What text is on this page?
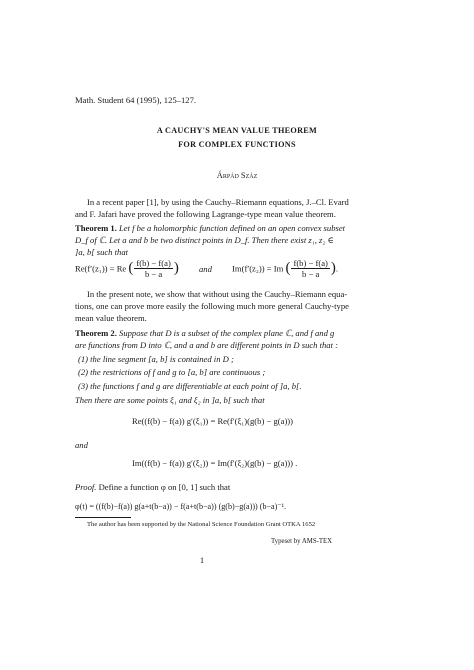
Math. Student 64 (1995), 125–127.
A CAUCHY'S MEAN VALUE THEOREM
FOR COMPLEX FUNCTIONS
Árpád Száz
In a recent paper [1], by using the Cauchy–Riemann equations, J.–Cl. Evard
and F. Jafari have proved the following Lagrange-type mean value theorem.
Theorem 1. Let f be a holomorphic function defined on an open convex subset
D_f of ℂ. Let a and b be two distinct points in D_f. Then there exist z₁, z₂ ∈
]a, b[ such that
Re(f′(z₁)) = Re ( $\frac{f(b) - f(a)}{b - a}$ ) and Im(f′(z₂)) = Im ( $\frac{f(b) - f(a)}{b - a}$ ).
In the present note, we show that without using the Cauchy–Riemann equa-
tions, one can prove more easily the following much more general Cauchy-type
mean value theorem.
Theorem 2. Suppose that D is a subset of the complex plane ℂ, and f and g
are functions from D into ℂ, and a and b are different points in D such that :
(1) the line segment [a, b] is contained in D ;
(2) the restrictions of f and g to [a, b] are continuous ;
(3) the functions f and g are differentiable at each point of ]a, b[.
Then there are some points ξ₁ and ξ₂ in ]a, b[ such that
Re((f(b) − f(a)) g′(ξ₁)) = Re(f′(ξ₁)(g(b) − g(a)))
and
Im((f(b) − f(a)) g′(ξ₂)) = Im(f′(ξ₂)(g(b) − g(a))) .
Proof. Define a function φ on [0, 1] such that
φ(t) = ((f(b)−f(a)) g(a+t(b−a)) − f(a+t(b−a)) (g(b)−g(a))) (b−a)⁻¹.
The author has been supported by the National Science Foundation Grant OTKA 1652
Typeset by AMS-TEX
1
